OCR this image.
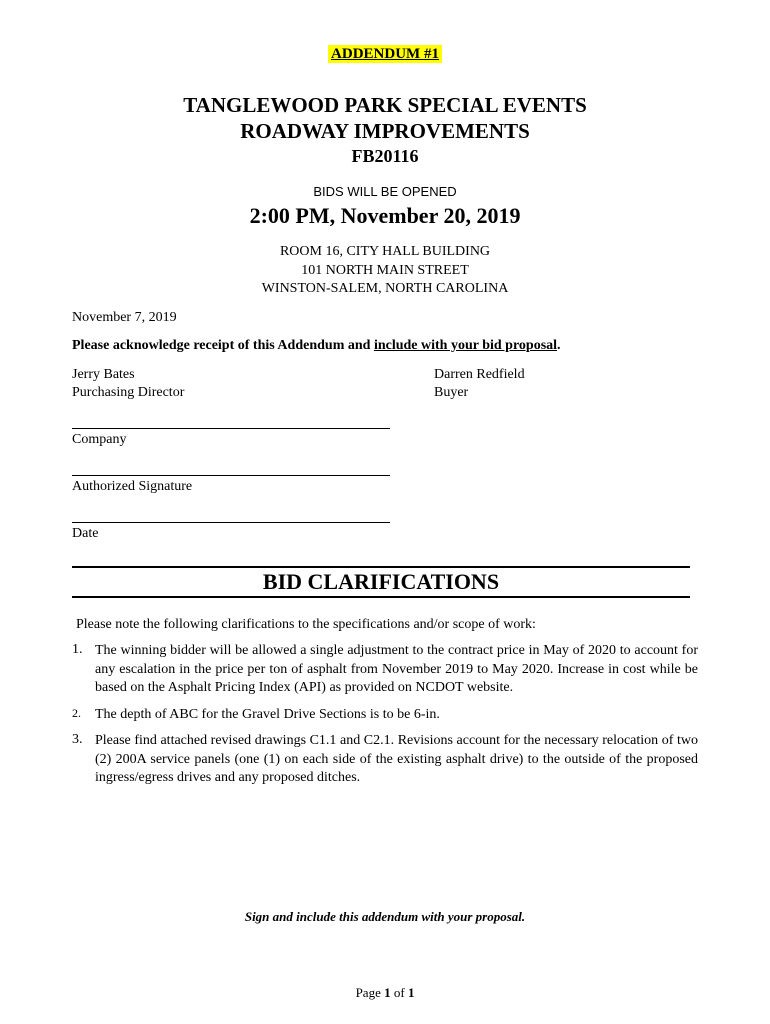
ADDENDUM #1
TANGLEWOOD PARK SPECIAL EVENTS
ROADWAY IMPROVEMENTS
FB20116
BIDS WILL BE OPENED
2:00 PM, November 20, 2019
ROOM 16, CITY HALL BUILDING
101 NORTH MAIN STREET
WINSTON-SALEM, NORTH CAROLINA
November 7, 2019
Please acknowledge receipt of this Addendum and include with your bid proposal.
Jerry Bates
Purchasing Director
Darren Redfield
Buyer
Company
Authorized Signature
Date
BID CLARIFICATIONS
Please note the following clarifications to the specifications and/or scope of work:
1. The winning bidder will be allowed a single adjustment to the contract price in May of 2020 to account for any escalation in the price per ton of asphalt from November 2019 to May 2020. Increase in cost while be based on the Asphalt Pricing Index (API) as provided on NCDOT website.
2.	The depth of ABC for the Gravel Drive Sections is to be 6-in.
3. Please find attached revised drawings C1.1 and C2.1. Revisions account for the necessary relocation of two (2) 200A service panels (one (1) on each side of the existing asphalt drive) to the outside of the proposed ingress/egress drives and any proposed ditches.
Sign and include this addendum with your proposal.
Page 1 of 1
